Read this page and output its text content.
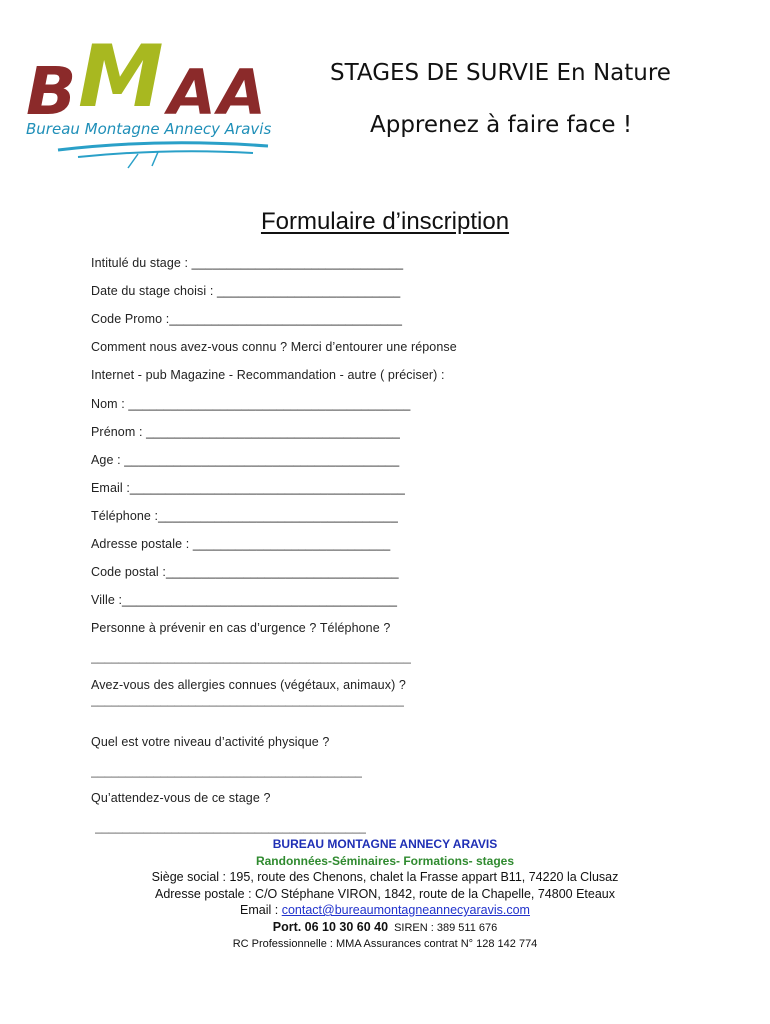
B M A A
Bureau Montagne Annecy Aravis
STAGES DE SURVIE En Nature
Apprenez à faire face !
Formulaire d’inscription
Intitulé du stage : ______________________________
Date du stage choisi : __________________________
Code Promo :_________________________________
Comment nous avez-vous connu ? Merci d’entourer une réponse
Internet - pub Magazine - Recommandation - autre ( préciser) :
Nom : ________________________________________
Prénom : ____________________________________
Age : _______________________________________
Email :_______________________________________
Téléphone :__________________________________
Adresse postale : ____________________________
Code postal :_________________________________
Ville :_______________________________________
Personne à prévenir en cas d’urgence ? Téléphone ?
______________________________________________
Avez-vous des allergies connues (végétaux, animaux) ?
_____________________________________________
Quel est votre niveau d’activité physique ?
_______________________________________
Qu’attendez-vous de ce stage ?
_______________________________________
BUREAU MONTAGNE ANNECY ARAVIS
Randonnées-Séminaires- Formations- stages
Siège social : 195, route des Chenons, chalet la Frasse appart B11, 74220 la Clusaz
Adresse postale : C/O Stéphane VIRON, 1842, route de la Chapelle, 74800 Eteaux
Email : contact@bureaumontagneannecyaravis.com
Port. 06 10 30 60 40 SIREN : 389 511 676
RC Professionnelle : MMA Assurances contrat N° 128 142 774
